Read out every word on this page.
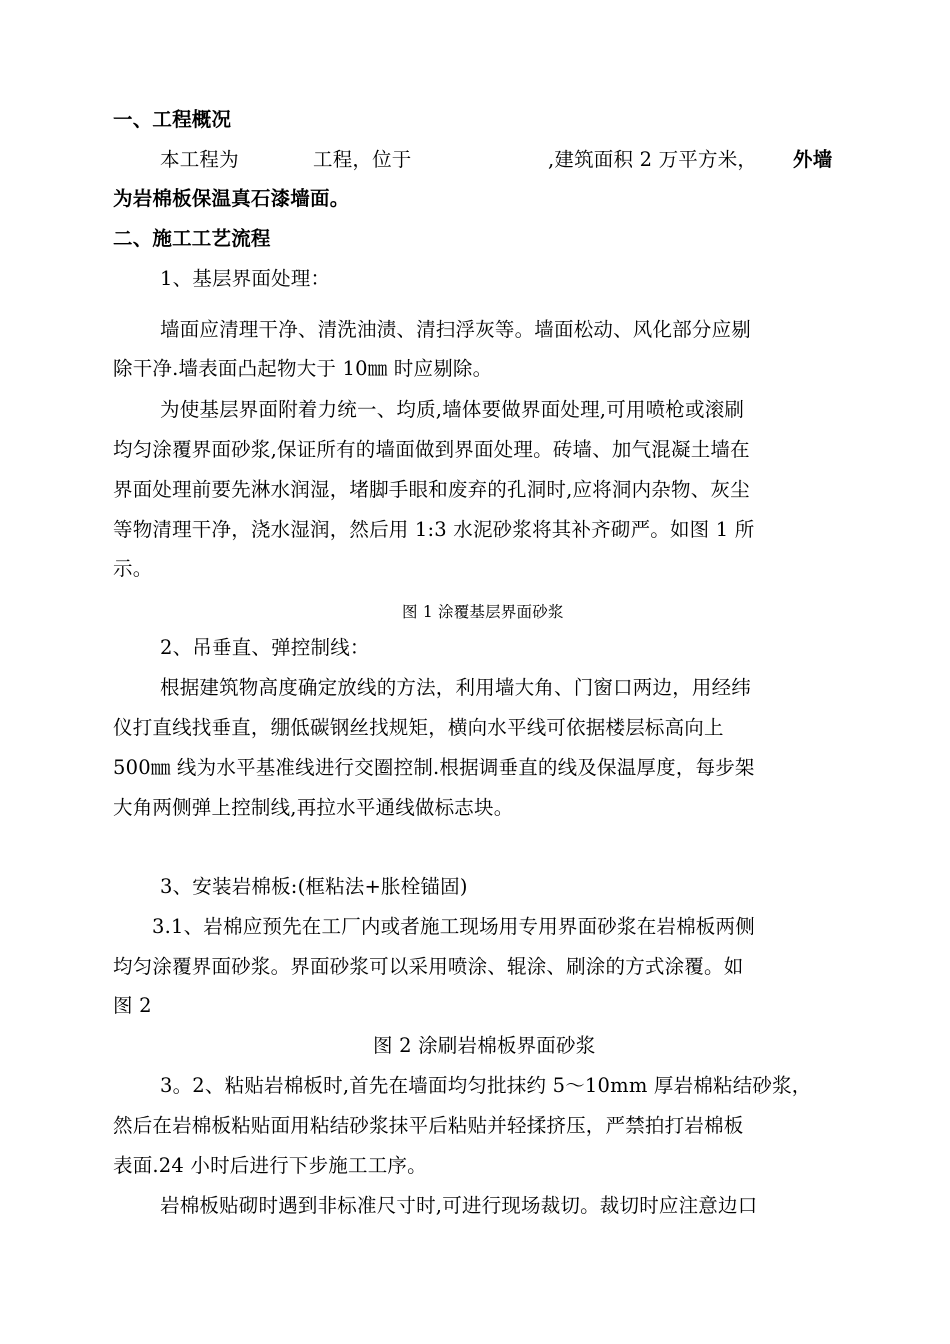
一、工程概况
本工程为	工程，位于	,建筑面积 2 万平方米， 外墙
为岩棉板保温真石漆墙面。
二、施工工艺流程
1、基层界面处理：
墙面应清理干净、清洗油渍、清扫浮灰等。墙面松动、风化部分应剔
除干净.墙表面凸起物大于 10㎜ 时应剔除。
为使基层界面附着力统一、均质,墙体要做界面处理,可用喷枪或滚刷
均匀涂覆界面砂浆,保证所有的墙面做到界面处理。砖墙、加气混凝土墙在
界面处理前要先淋水润湿，堵脚手眼和废弃的孔洞时,应将洞内杂物、灰尘
等物清理干净，浇水湿润，然后用 1:3 水泥砂浆将其补齐砌严。如图 1 所
示。
图 1 涂覆基层界面砂浆
2、吊垂直、弹控制线：
根据建筑物高度确定放线的方法，利用墙大角、门窗口两边，用经纬
仪打直线找垂直，绷低碳钢丝找规矩，横向水平线可依据楼层标高向上
500㎜ 线为水平基准线进行交圈控制.根据调垂直的线及保温厚度，每步架
大角两侧弹上控制线,再拉水平通线做标志块。
3、安装岩棉板:(框粘法+胀栓锚固)
3.1、岩棉应预先在工厂内或者施工现场用专用界面砂浆在岩棉板两侧
均匀涂覆界面砂浆。界面砂浆可以采用喷涂、辊涂、刷涂的方式涂覆。如
图 2
图 2 涂刷岩棉板界面砂浆
3。2、粘贴岩棉板时,首先在墙面均匀批抹约 5～10mm 厚岩棉粘结砂浆，
然后在岩棉板粘贴面用粘结砂浆抹平后粘贴并轻揉挤压，严禁拍打岩棉板
表面.24 小时后进行下步施工工序。
岩棉板贴砌时遇到非标准尺寸时,可进行现场裁切。裁切时应注意边口
